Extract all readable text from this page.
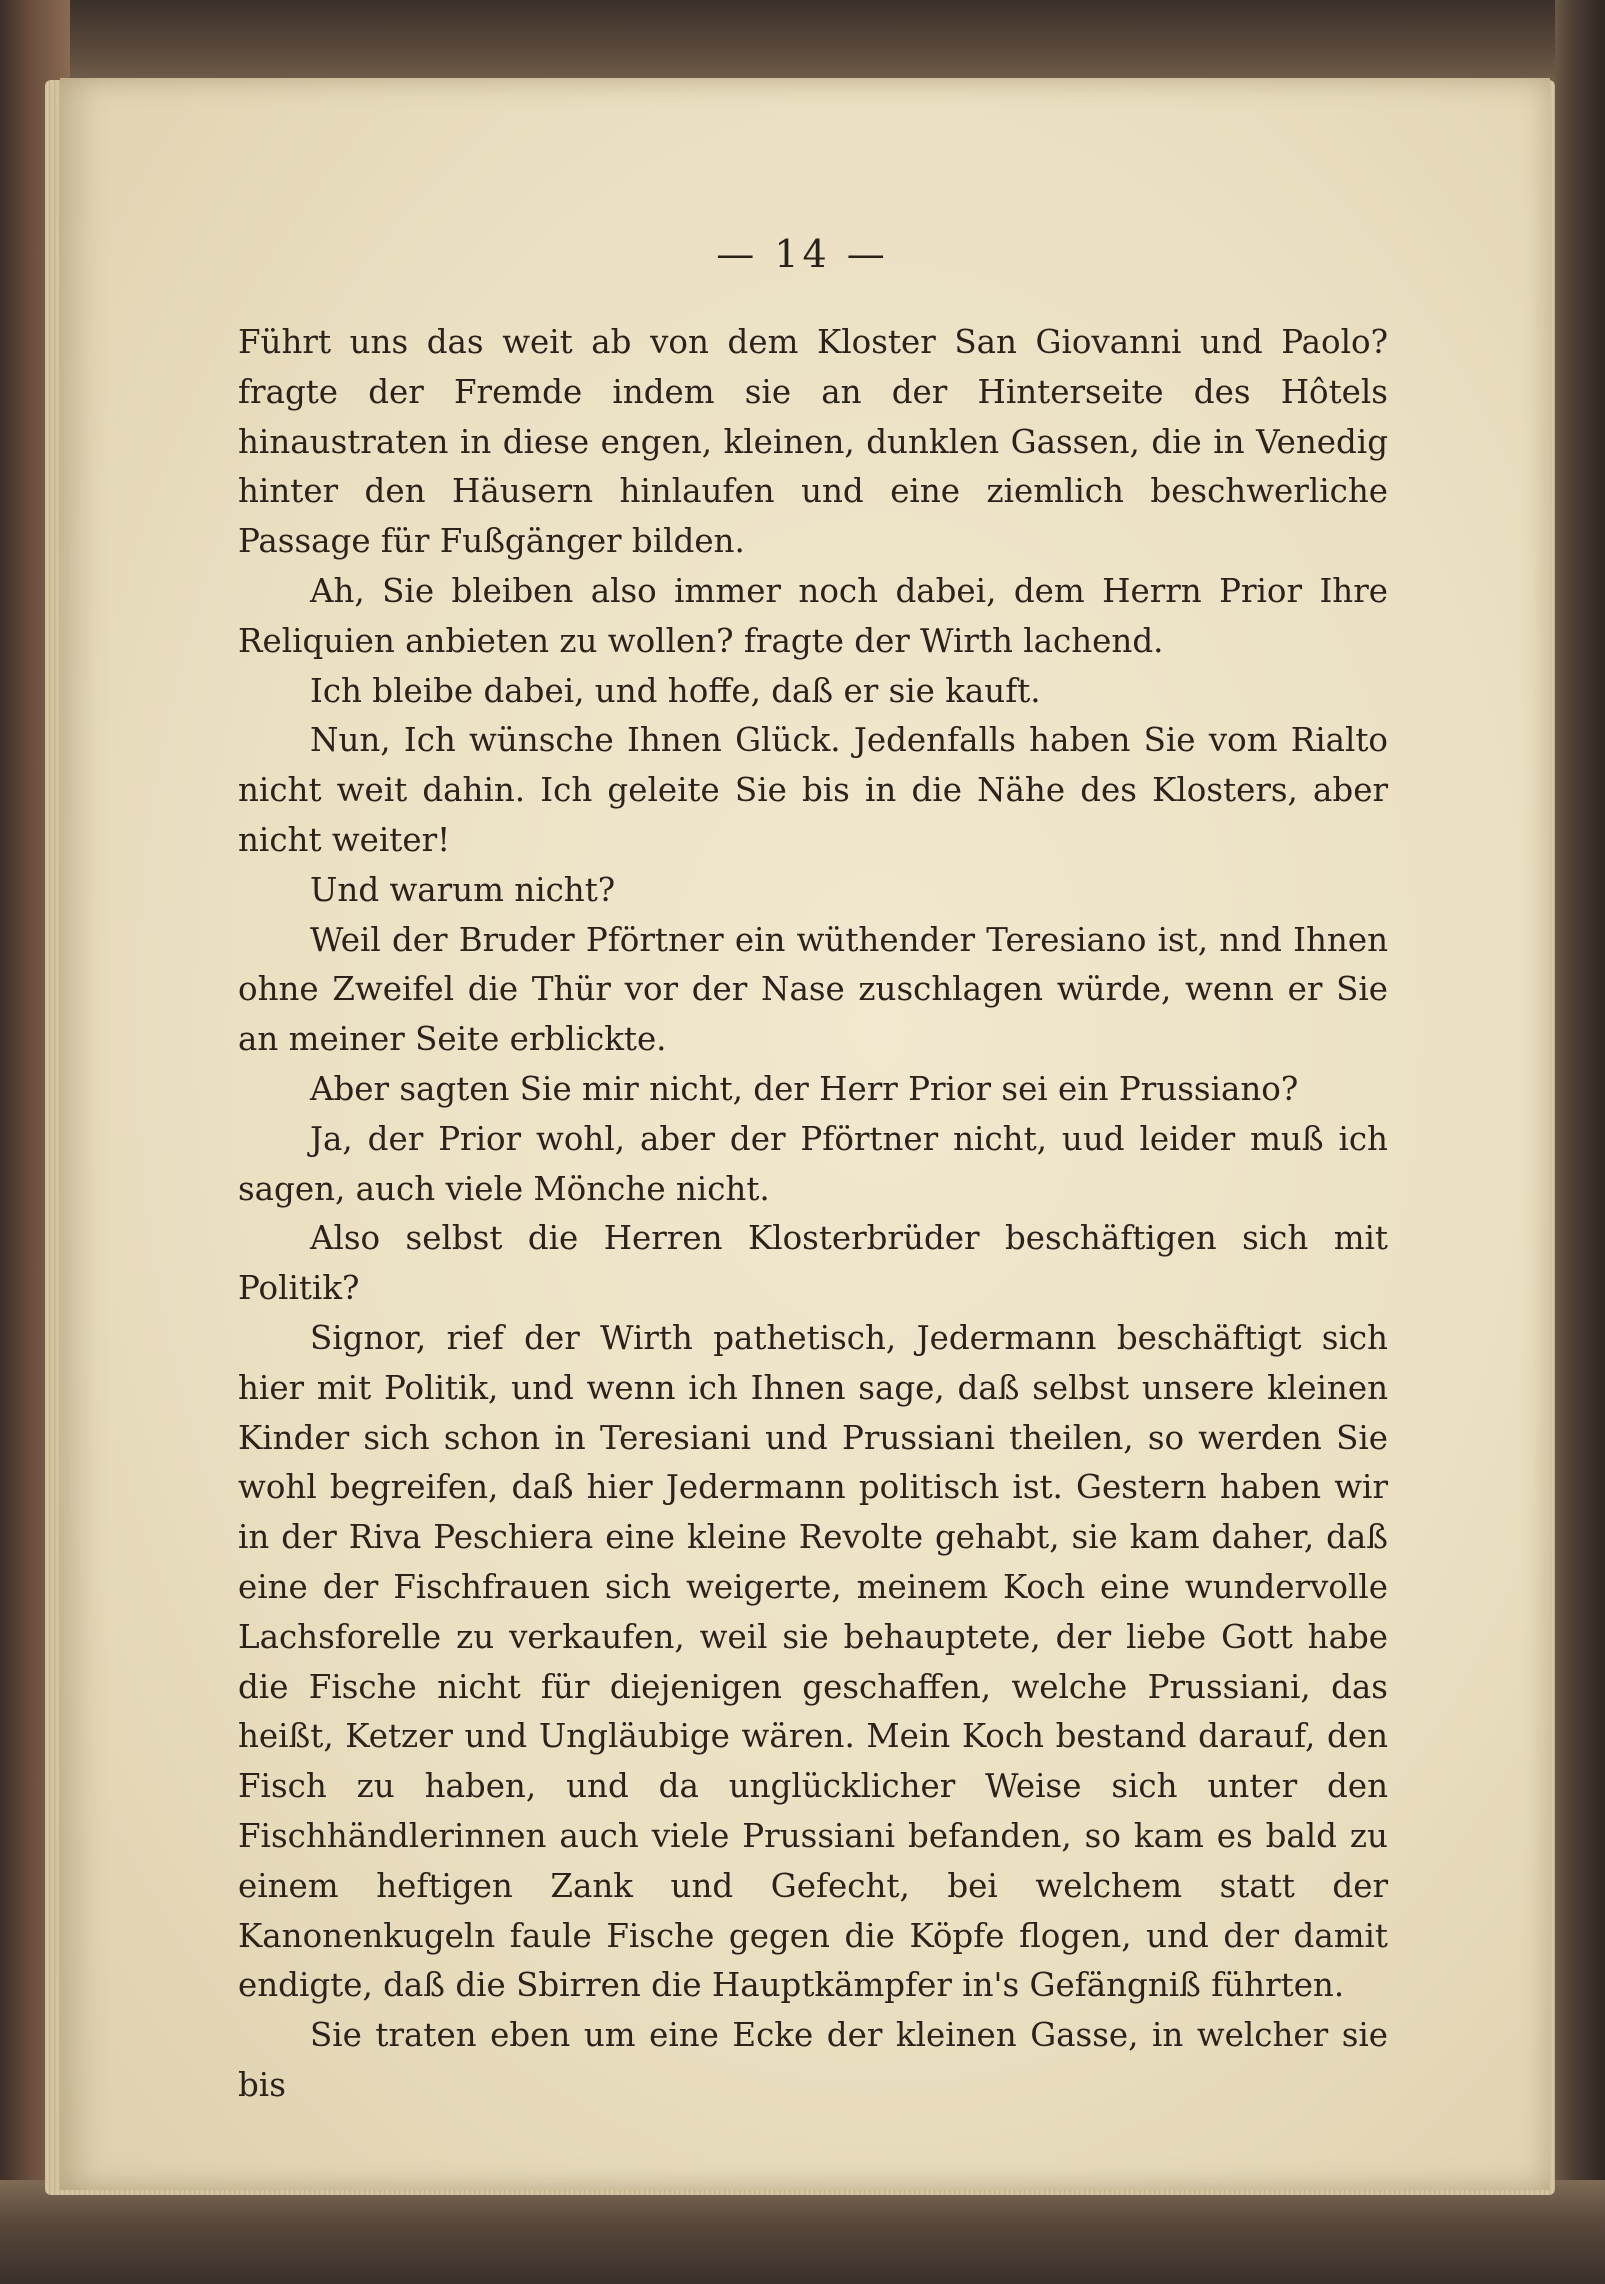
— 14 —

Führt uns das weit ab von dem Kloster San Giovanni und Paolo? fragte der Fremde indem sie an der Hinterseite des Hôtels hinaustraten in diese engen, kleinen, dunklen Gassen, die in Venedig hinter den Häusern hinlaufen und eine ziemlich beschwerliche Passage für Fußgänger bilden.

Ah, Sie bleiben also immer noch dabei, dem Herrn Prior Ihre Reliquien anbieten zu wollen? fragte der Wirth lachend.

Ich bleibe dabei, und hoffe, daß er sie kauft.

Nun, Ich wünsche Ihnen Glück. Jedenfalls haben Sie vom Rialto nicht weit dahin. Ich geleite Sie bis in die Nähe des Klosters, aber nicht weiter!

Und warum nicht?

Weil der Bruder Pförtner ein wüthender Teresiano ist, nnd Ihnen ohne Zweifel die Thür vor der Nase zuschlagen würde, wenn er Sie an meiner Seite erblickte.

Aber sagten Sie mir nicht, der Herr Prior sei ein Prussiano?

Ja, der Prior wohl, aber der Pförtner nicht, uud leider muß ich sagen, auch viele Mönche nicht.

Also selbst die Herren Klosterbrüder beschäftigen sich mit Politik?

Signor, rief der Wirth pathetisch, Jedermann beschäftigt sich hier mit Politik, und wenn ich Ihnen sage, daß selbst unsere kleinen Kinder sich schon in Teresiani und Prussiani theilen, so werden Sie wohl begreifen, daß hier Jedermann politisch ist. Gestern haben wir in der Riva Peschiera eine kleine Revolte gehabt, sie kam daher, daß eine der Fischfrauen sich weigerte, meinem Koch eine wundervolle Lachsforelle zu verkaufen, weil sie behauptete, der liebe Gott habe die Fische nicht für diejenigen geschaffen, welche Prussiani, das heißt, Ketzer und Ungläubige wären. Mein Koch bestand darauf, den Fisch zu haben, und da unglücklicher Weise sich unter den Fischhändlerinnen auch viele Prussiani befanden, so kam es bald zu einem heftigen Zank und Gefecht, bei welchem statt der Kanonenkugeln faule Fische gegen die Köpfe flogen, und der damit endigte, daß die Sbirren die Hauptkämpfer in's Gefängniß führten.

Sie traten eben um eine Ecke der kleinen Gasse, in welcher sie bis
